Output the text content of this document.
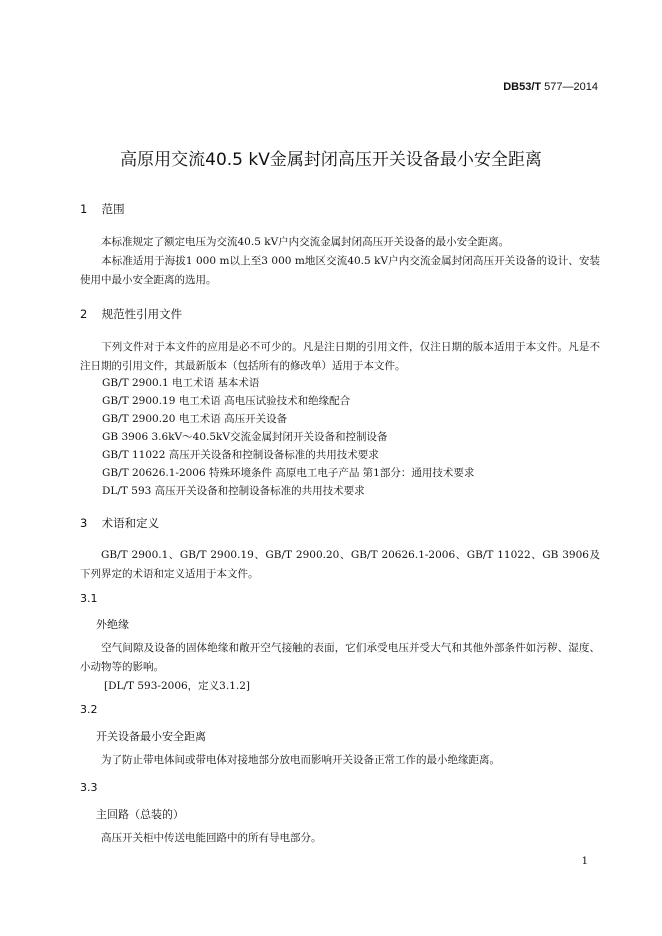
DB53/T 577—2014
高原用交流40.5 kV金属封闭高压开关设备最小安全距离
1 范围
本标准规定了额定电压为交流40.5 kV户内交流金属封闭高压开关设备的最小安全距离。
本标准适用于海拔1 000 m以上至3 000 m地区交流40.5 kV户内交流金属封闭高压开关设备的设计、安装使用中最小安全距离的选用。
2 规范性引用文件
下列文件对于本文件的应用是必不可少的。凡是注日期的引用文件，仅注日期的版本适用于本文件。凡是不注日期的引用文件，其最新版本（包括所有的修改单）适用于本文件。
GB/T 2900.1 电工术语 基本术语
GB/T 2900.19 电工术语 高电压试验技术和绝缘配合
GB/T 2900.20 电工术语 高压开关设备
GB 3906 3.6kV～40.5kV交流金属封闭开关设备和控制设备
GB/T 11022 高压开关设备和控制设备标准的共用技术要求
GB/T 20626.1-2006 特殊环境条件 高原电工电子产品 第1部分：通用技术要求
DL/T 593 高压开关设备和控制设备标准的共用技术要求
3 术语和定义
GB/T 2900.1、GB/T 2900.19、GB/T 2900.20、GB/T 20626.1-2006、GB/T 11022、GB 3906及下列界定的术语和定义适用于本文件。
3.1
外绝缘
空气间隙及设备的固体绝缘和敞开空气接触的表面，它们承受电压并受大气和其他外部条件如污秽、湿度、小动物等的影响。
[DL/T 593-2006，定义3.1.2]
3.2
开关设备最小安全距离
为了防止带电体间或带电体对接地部分放电而影响开关设备正常工作的最小绝缘距离。
3.3
主回路（总装的）
高压开关柜中传送电能回路中的所有导电部分。
1
